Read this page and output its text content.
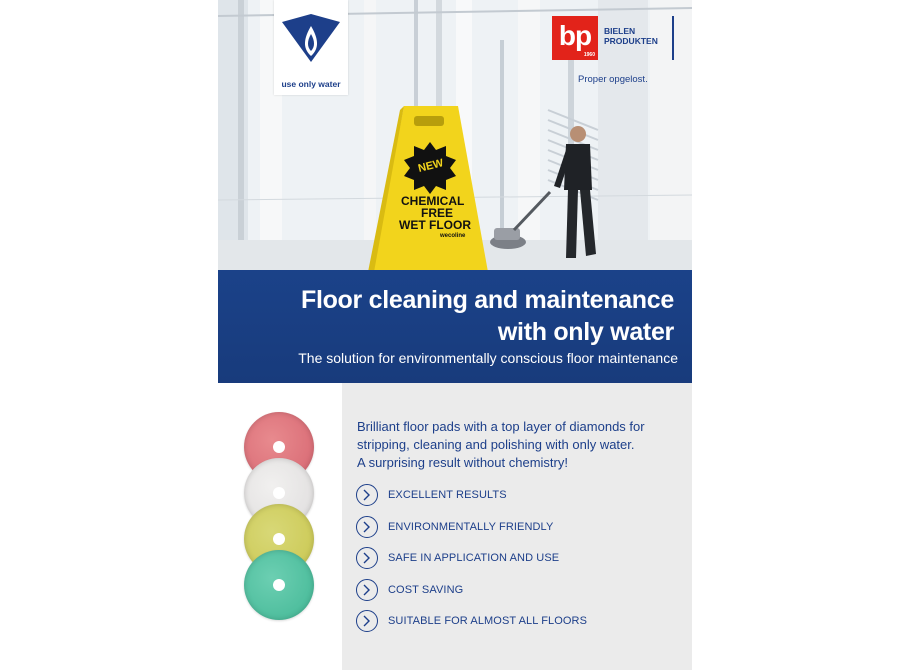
NEW
CHEMICAL
FREE
WET FLOOR
wecoline
use only water
bp
1960
BIELEN
PRODUKTEN
Proper opgelost.
Floor cleaning and maintenance
with only water
The solution for environmentally conscious floor maintenance

Brilliant floor pads with a top layer of diamonds for
stripping, cleaning and polishing with only water.
A surprising result without chemistry!

EXCELLENT RESULTS
ENVIRONMENTALLY FRIENDLY
SAFE IN APPLICATION AND USE
COST SAVING
SUITABLE FOR ALMOST ALL FLOORS
